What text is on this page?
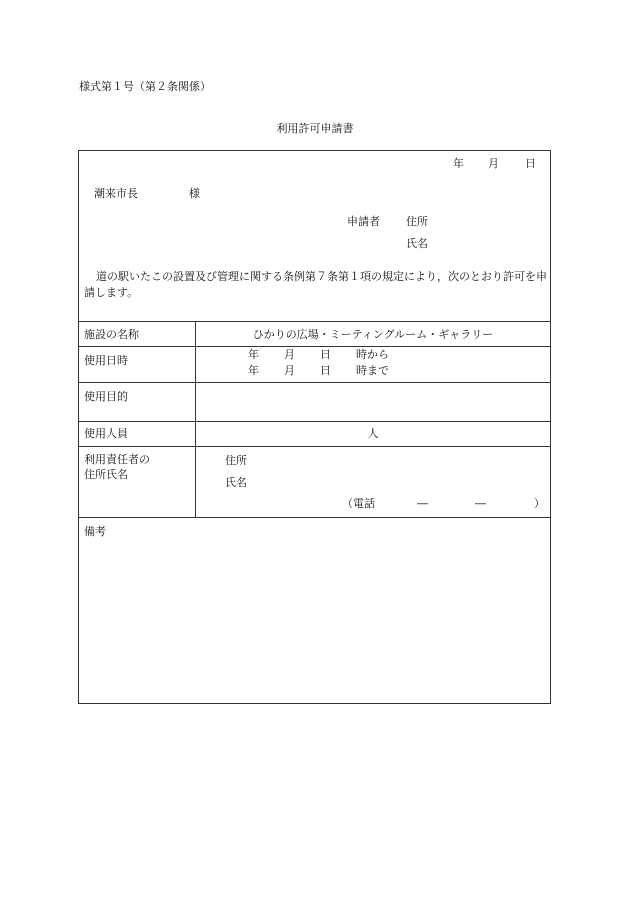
様式第１号（第２条関係）
利用許可申請書
年 月 日
潮来市長	様
申請者 住所
氏名
道の駅いたこの設置及び管理に関する条例第７条第１項の規定により，次のとおり許可を申請します。
施設の名称	ひかりの広場・ミーティングルーム・ギャラリー
使用日時	年 月 日 時から
年 月 日 時まで
使用目的
使用人員	人
利用責任者の
住所氏名
住所
氏名
（電話	―	―	）
備考
